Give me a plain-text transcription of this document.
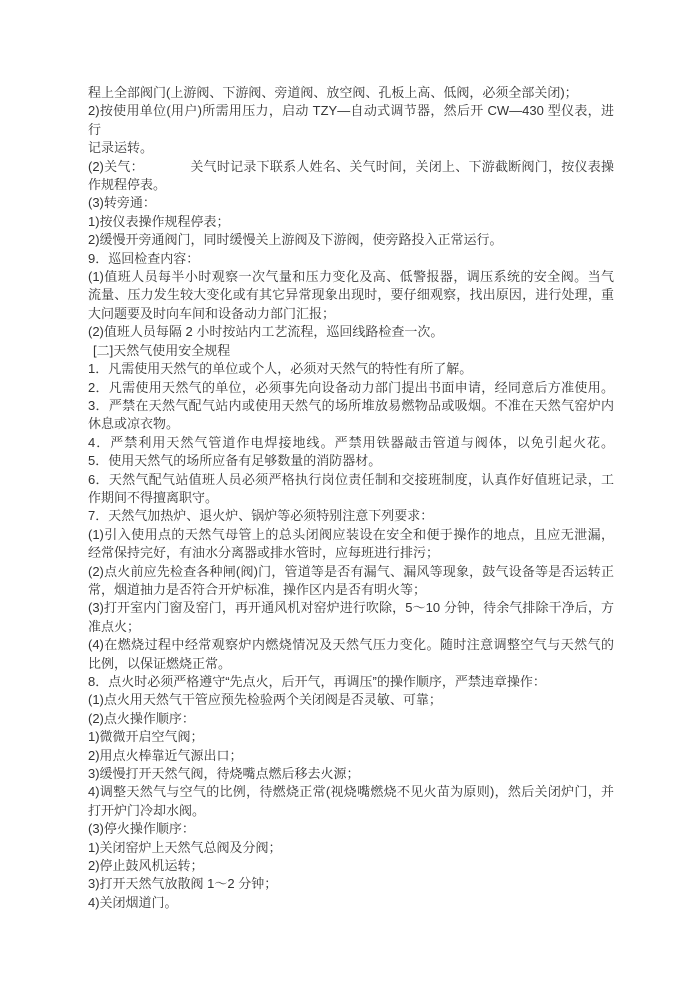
程上全部阀门(上游阀、下游阀、旁道阀、放空阀、孔板上高、低阀，必须全部关闭)；
2)按使用单位(用户)所需用压力，启动 TZY—自动式调节器，然后开 CW—430 型仪表，进行
记录运转。
(2)关气：　　　　关气时记录下联系人姓名、关气时间，关闭上、下游截断阀门，按仪表操
作规程停表。
(3)转旁通：
1)按仪表操作规程停表；
2)缓慢开旁通阀门，同时缓慢关上游阀及下游阀，使旁路投入正常运行。
9．巡回检查内容：
(1)值班人员每半小时观察一次气量和压力变化及高、低警报器，调压系统的安全阀。当气
流量、压力发生较大变化或有其它异常现象出现时，要仔细观察，找出原因，进行处理，重
大问题要及时向车间和设备动力部门汇报；
(2)值班人员每隔 2 小时按站内工艺流程，巡回线路检查一次。
[二]天然气使用安全规程
1．凡需使用天然气的单位或个人，必须对天然气的特性有所了解。
2．凡需使用天然气的单位，必须事先向设备动力部门提出书面申请，经同意后方准使用。
3．严禁在天然气配气站内或使用天然气的场所堆放易燃物品或吸烟。不准在天然气窑炉内
休息或凉衣物。
4．严禁利用天然气管道作电焊接地线。严禁用铁器敲击管道与阀体，以免引起火花。
5．使用天然气的场所应备有足够数量的消防器材。
6．天然气配气站值班人员必须严格执行岗位责任制和交接班制度，认真作好值班记录，工
作期间不得擅离职守。
7．天然气加热炉、退火炉、锅炉等必须特别注意下列要求：
(1)引入使用点的天然气母管上的总头闭阀应装设在安全和便于操作的地点，且应无泄漏，
经常保持完好，有油水分离器或排水管时，应每班进行排污；
(2)点火前应先检查各种闸(阀)门，管道等是否有漏气、漏风等现象，鼓气设备等是否运转正
常，烟道抽力是否符合开炉标准，操作区内是否有明火等；
(3)打开室内门窗及窑门，再开通风机对窑炉进行吹除，5～10 分钟，待余气排除干净后，方
准点火；
(4)在燃烧过程中经常观察炉内燃烧情况及天然气压力变化。随时注意调整空气与天然气的
比例，以保证燃烧正常。
8．点火时必须严格遵守“先点火，后开气，再调压”的操作顺序，严禁违章操作：
(1)点火用天然气干管应预先检验两个关闭阀是否灵敏、可靠；
(2)点火操作顺序：
1)微微开启空气阀；
2)用点火棒靠近气源出口；
3)缓慢打开天然气阀，待烧嘴点燃后移去火源；
4)调整天然气与空气的比例，待燃烧正常(视烧嘴燃烧不见火苗为原则)，然后关闭炉门，并
打开炉门冷却水阀。
(3)停火操作顺序：
1)关闭窑炉上天然气总阀及分阀；
2)停止鼓风机运转；
3)打开天然气放散阀 1～2 分钟；
4)关闭烟道门。
